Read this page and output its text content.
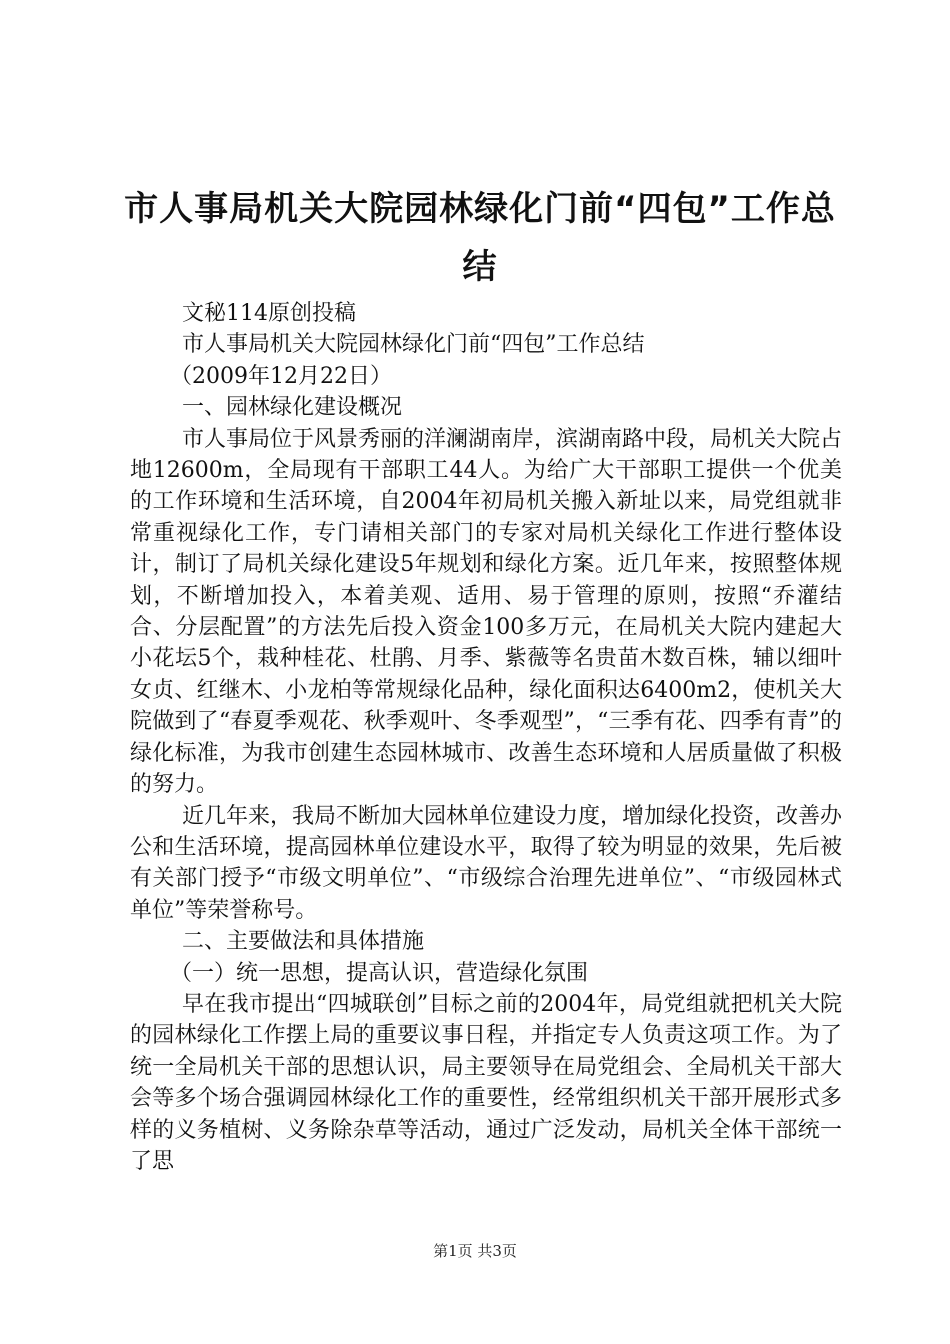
市人事局机关大院园林绿化门前“四包”工作总结

文秘114原创投稿

市人事局机关大院园林绿化门前“四包”工作总结

（2009年12月22日）

一、园林绿化建设概况

市人事局位于风景秀丽的洋澜湖南岸，滨湖南路中段，局机关大院占地12600m，全局现有干部职工44人。为给广大干部职工提供一个优美的工作环境和生活环境，自2004年初局机关搬入新址以来，局党组就非常重视绿化工作，专门请相关部门的专家对局机关绿化工作进行整体设计，制订了局机关绿化建设5年规划和绿化方案。近几年来，按照整体规划，不断增加投入，本着美观、适用、易于管理的原则，按照“乔灌结合、分层配置”的方法先后投入资金100多万元，在局机关大院内建起大小花坛5个，栽种桂花、杜鹃、月季、紫薇等名贵苗木数百株，辅以细叶女贞、红继木、小龙柏等常规绿化品种，绿化面积达6400m2，使机关大院做到了“春夏季观花、秋季观叶、冬季观型”，“三季有花、四季有青”的绿化标准，为我市创建生态园林城市、改善生态环境和人居质量做了积极的努力。

近几年来，我局不断加大园林单位建设力度，增加绿化投资，改善办公和生活环境，提高园林单位建设水平，取得了较为明显的效果，先后被有关部门授予“市级文明单位”、“市级综合治理先进单位”、“市级园林式单位”等荣誉称号。

二、主要做法和具体措施

（一）统一思想，提高认识，营造绿化氛围

早在我市提出“四城联创”目标之前的2004年，局党组就把机关大院的园林绿化工作摆上局的重要议事日程，并指定专人负责这项工作。为了统一全局机关干部的思想认识，局主要领导在局党组会、全局机关干部大会等多个场合强调园林绿化工作的重要性，经常组织机关干部开展形式多样的义务植树、义务除杂草等活动，通过广泛发动，局机关全体干部统一了思

第1页 共3页
